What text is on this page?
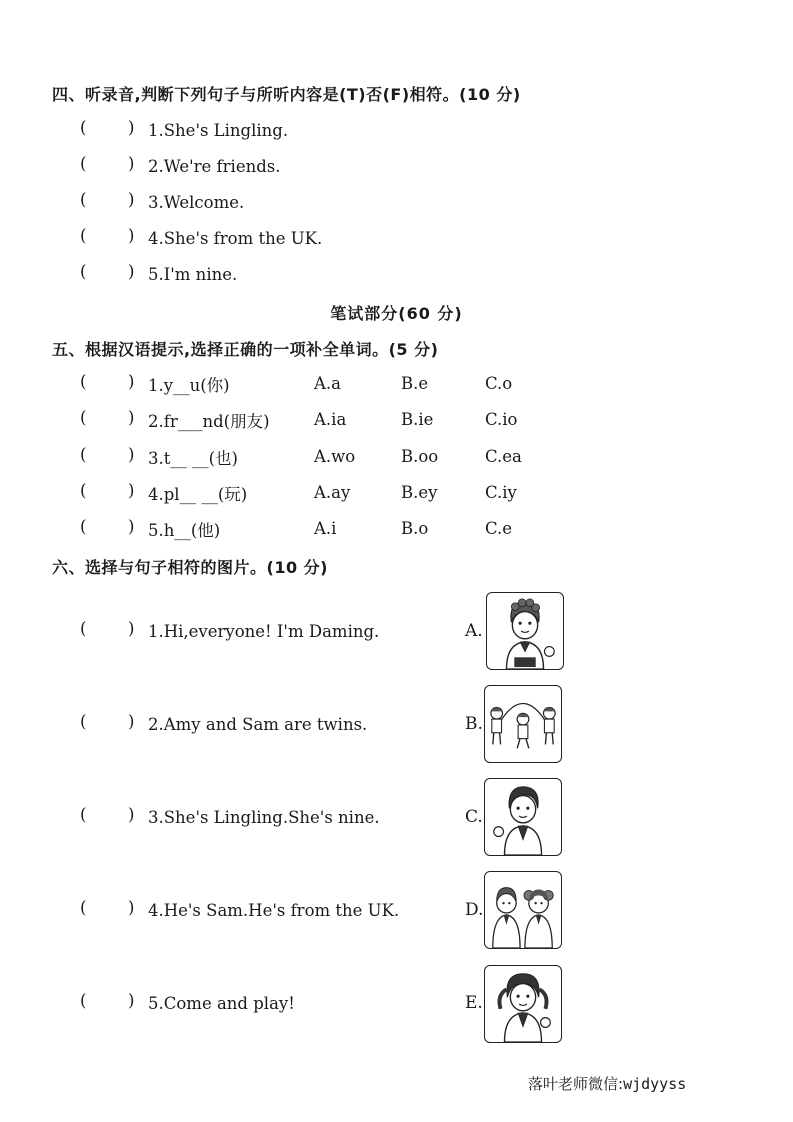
四、听录音,判断下列句子与所听内容是(T)否(F)相符。(10 分)
(	) 1.She's Lingling.
(	) 2.We're friends.
(	) 3.Welcome.
(	) 4.She's from the UK.
(	) 5.I'm nine.
笔试部分(60 分)
五、根据汉语提示,选择正确的一项补全单词。(5 分)
(	) 1.y__u(你)	A.a	B.e	C.o
(	) 2.fr___nd(朋友)	A.ia	B.ie	C.io
(	) 3.t__ __(也)	A.wo	B.oo	C.ea
(	) 4.pl__ __(玩)	A.ay	B.ey	C.iy
(	) 5.h__(他)	A.i	B.o	C.e
六、选择与句子相符的图片。(10 分)
(	) 1.Hi,everyone! I'm Daming.
(	) 2.Amy and Sam are twins.
(	) 3.She's Lingling.She's nine.
(	) 4.He's Sam.He's from the UK.
(	) 5.Come and play!
A.
B.
C.
D.
E.
落叶老师微信:wjdyyss
